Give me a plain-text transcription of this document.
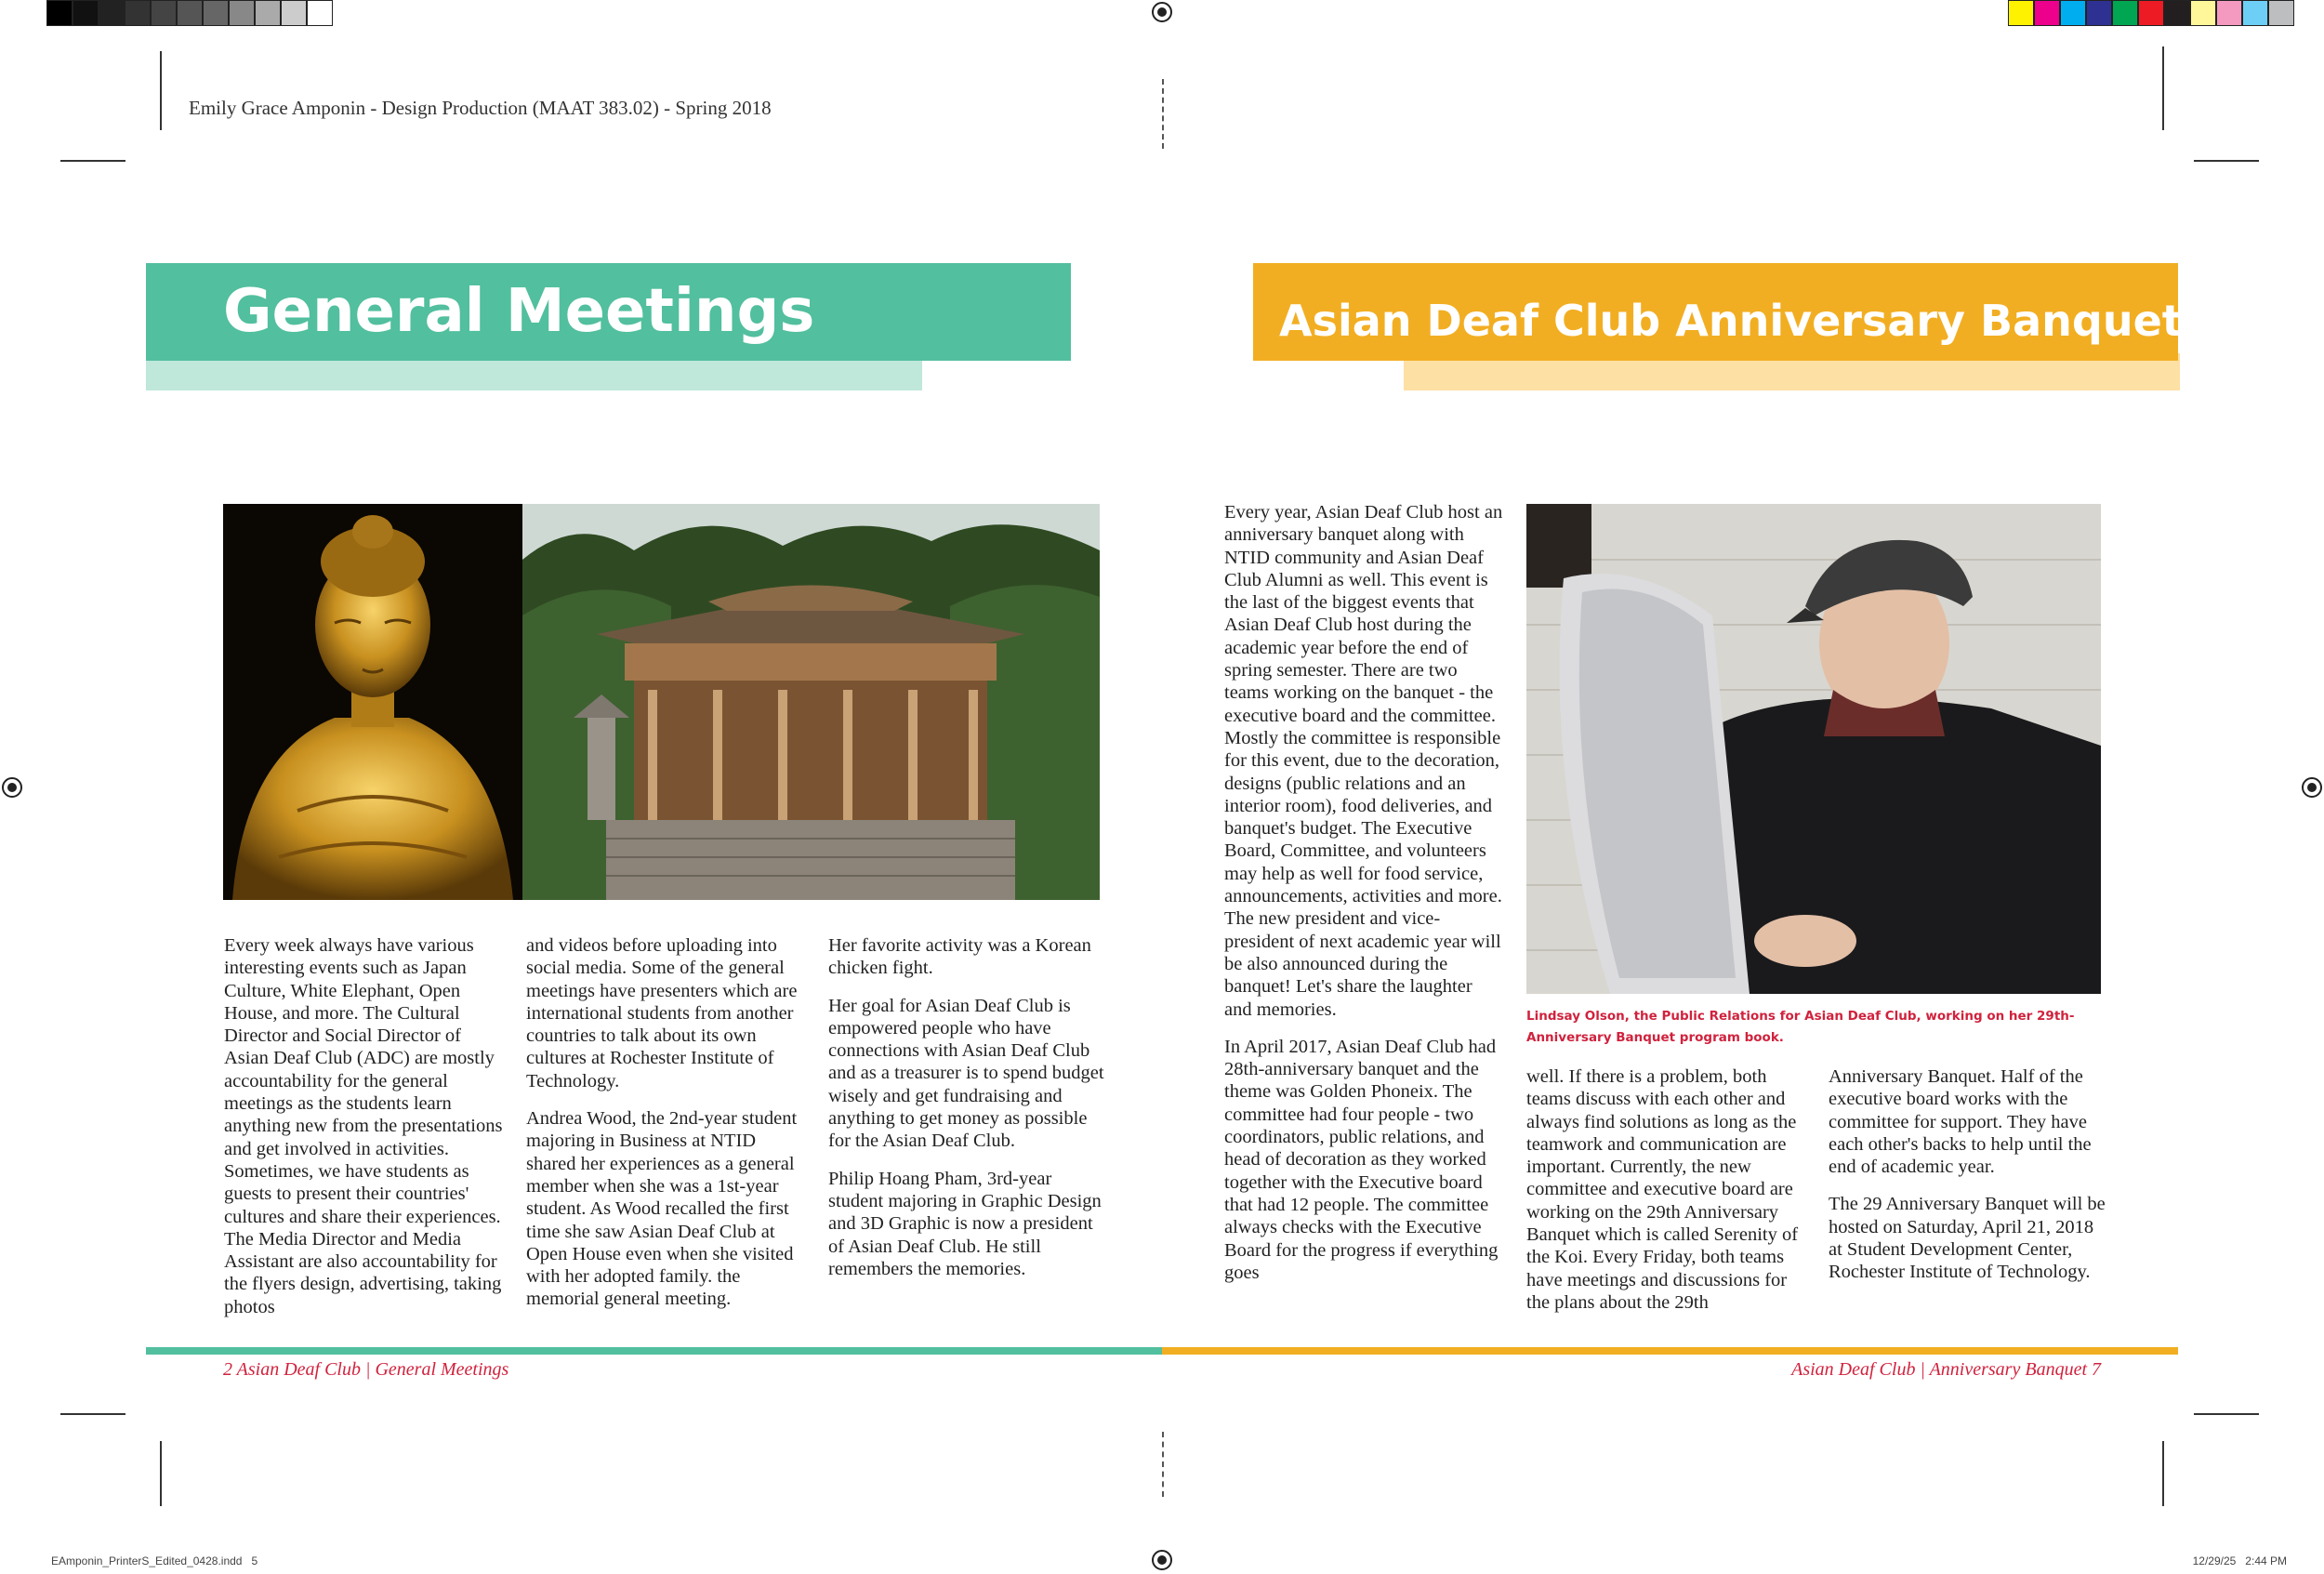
Emily Grace Amponin - Design Production (MAAT 383.02) - Spring 2018
General Meetings

Every week always have various interesting events such as Japan Culture, White Elephant, Open House, and more. The Cultural Director and Social Director of Asian Deaf Club (ADC) are mostly accountability for the general meetings as the students learn anything new from the presentations and get involved in activities. Sometimes, we have students as guests to present their countries' cultures and share their experiences. The Media Director and Media Assistant are also accountability for the flyers design, advertising, taking photos

and videos before uploading into social media. Some of the general meetings have presenters which are international students from another countries to talk about its own cultures at Rochester Institute of Technology.

Andrea Wood, the 2nd-year student majoring in Business at NTID shared her experiences as a general member when she was a 1st-year student. As Wood recalled the first time she saw Asian Deaf Club at Open House even when she visited with her adopted family. the memorial general meeting.

Her favorite activity was a Korean chicken fight.

Her goal for Asian Deaf Club is empowered people who have connections with Asian Deaf Club and as a treasurer is to spend budget wisely and get fundraising and anything to get money as possible for the Asian Deaf Club.

Philip Hoang Pham, 3rd-year student majoring in Graphic Design and 3D Graphic is now a president of Asian Deaf Club. He still remembers the memories.

Asian Deaf Club Anniversary Banquet

Every year, Asian Deaf Club host an anniversary banquet along with NTID community and Asian Deaf Club Alumni as well. This event is the last of the biggest events that Asian Deaf Club host during the academic year before the end of spring semester. There are two teams working on the banquet - the executive board and the committee. Mostly the committee is responsible for this event, due to the decoration, designs (public relations and an interior room), food deliveries, and banquet's budget. The Executive Board, Committee, and volunteers may help as well for food service, announcements, activities and more. The new president and vice-president of next academic year will be also announced during the banquet! Let's share the laughter and memories.

In April 2017, Asian Deaf Club had 28th-anniversary banquet and the theme was Golden Phoneix. The committee had four people - two coordinators, public relations, and head of decoration as they worked together with the Executive board that had 12 people. The committee always checks with the Executive Board for the progress if everything goes

Lindsay Olson, the Public Relations for Asian Deaf Club, working on her 29th-Anniversary Banquet program book.

well. If there is a problem, both teams discuss with each other and always find solutions as long as the teamwork and communication are important. Currently, the new committee and executive board are working on the 29th Anniversary Banquet which is called Serenity of the Koi. Every Friday, both teams have meetings and discussions for the plans about the 29th

Anniversary Banquet. Half of the executive board works with the committee for support. They have each other's backs to help until the end of academic year.

The 29 Anniversary Banquet will be hosted on Saturday, April 21, 2018 at Student Development Center, Rochester Institute of Technology.

2 Asian Deaf Club | General Meetings	Asian Deaf Club | Anniversary Banquet 7
EAmponin_PrinterS_Edited_0428.indd   5	12/29/25   2:44 PM
